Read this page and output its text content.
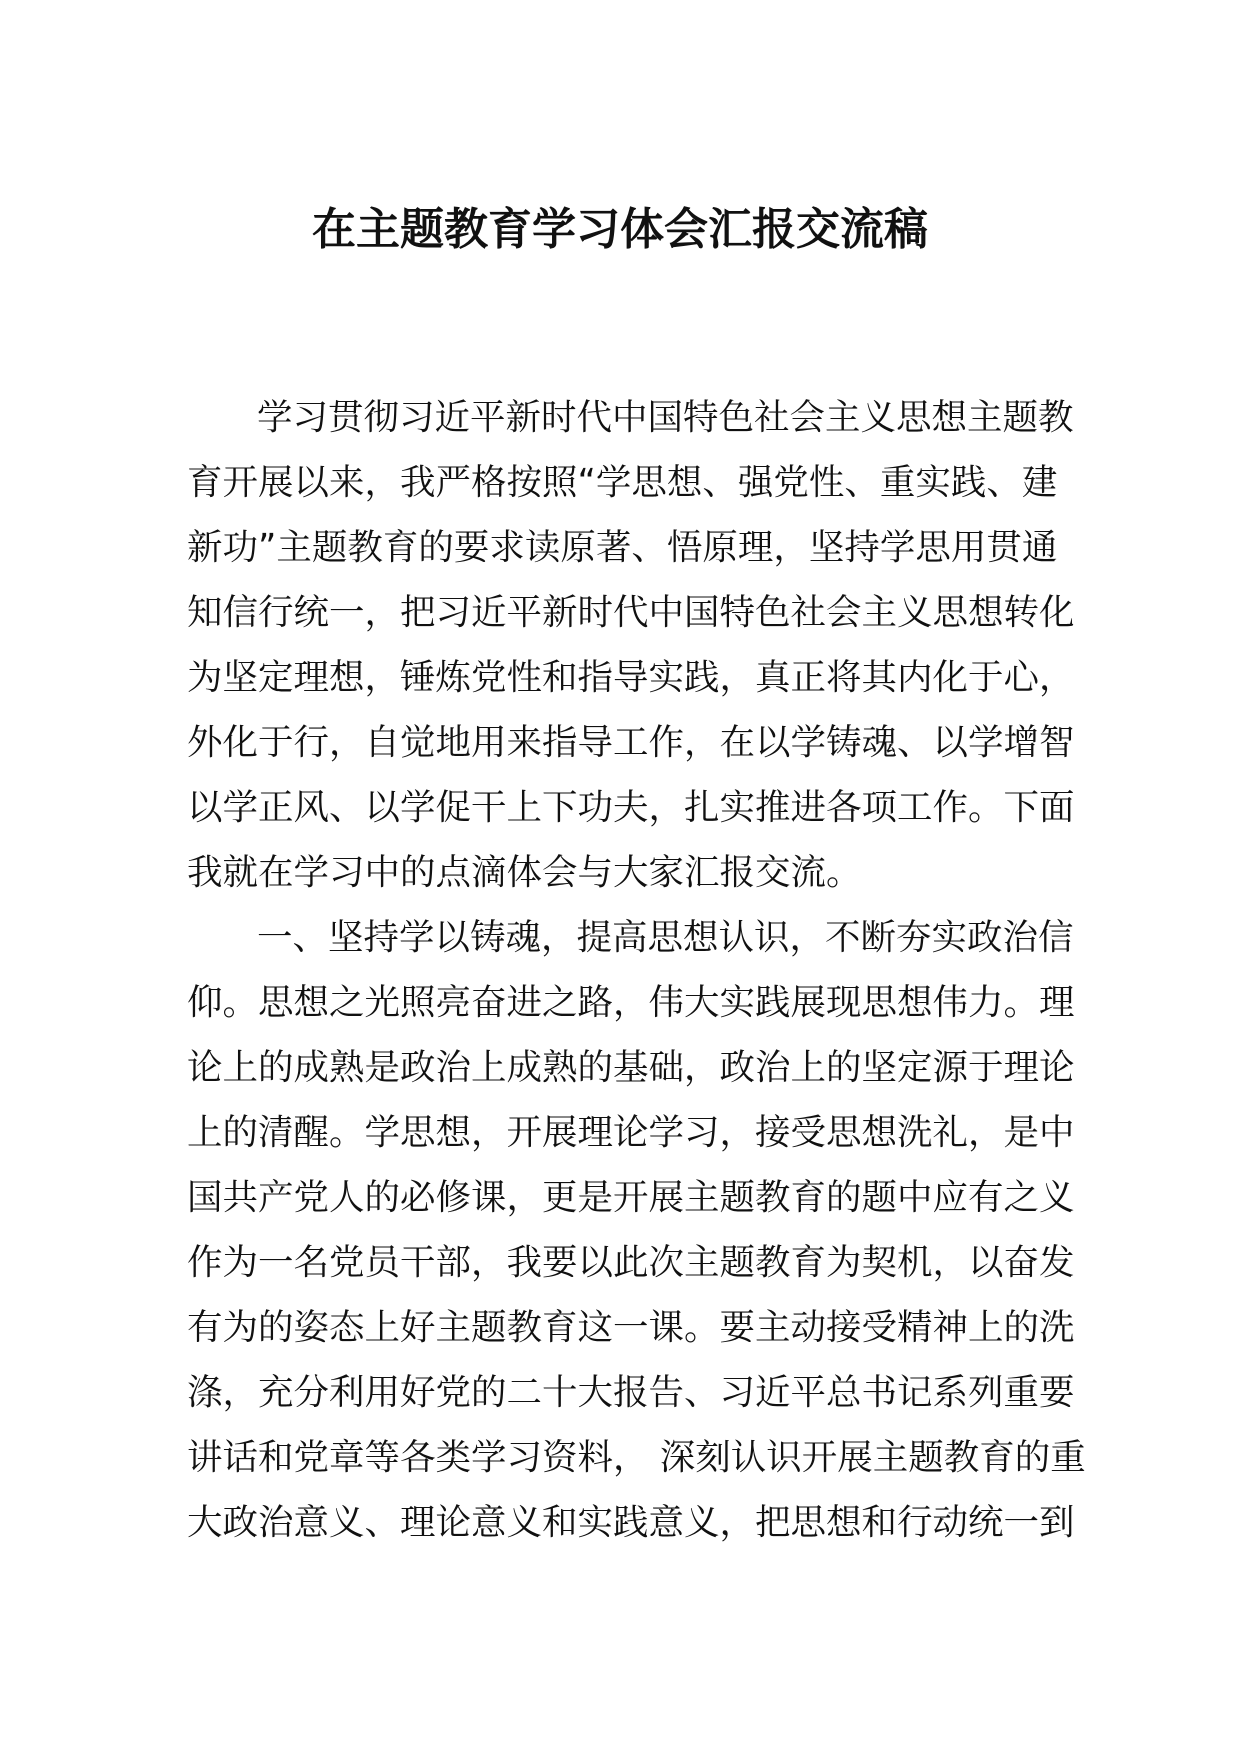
在主题教育学习体会汇报交流稿
学习贯彻习近平新时代中国特色社会主义思想主题教
育开展以来，我严格按照“学思想、强党性、重实践、建
新功”主题教育的要求读原著、悟原理，坚持学思用贯通
知信行统一，把习近平新时代中国特色社会主义思想转化
为坚定理想，锤炼党性和指导实践，真正将其内化于心，
外化于行，自觉地用来指导工作，在以学铸魂、以学增智
以学正风、以学促干上下功夫，扎实推进各项工作。下面
我就在学习中的点滴体会与大家汇报交流。
一、坚持学以铸魂，提高思想认识，不断夯实政治信
仰。思想之光照亮奋进之路，伟大实践展现思想伟力。理
论上的成熟是政治上成熟的基础，政治上的坚定源于理论
上的清醒。学思想，开展理论学习，接受思想洗礼，是中
国共产党人的必修课，更是开展主题教育的题中应有之义
作为一名党员干部，我要以此次主题教育为契机，以奋发
有为的姿态上好主题教育这一课。要主动接受精神上的洗
涤，充分利用好党的二十大报告、习近平总书记系列重要
讲话和党章等各类学习资料， 深刻认识开展主题教育的重
大政治意义、理论意义和实践意义，把思想和行动统一到
